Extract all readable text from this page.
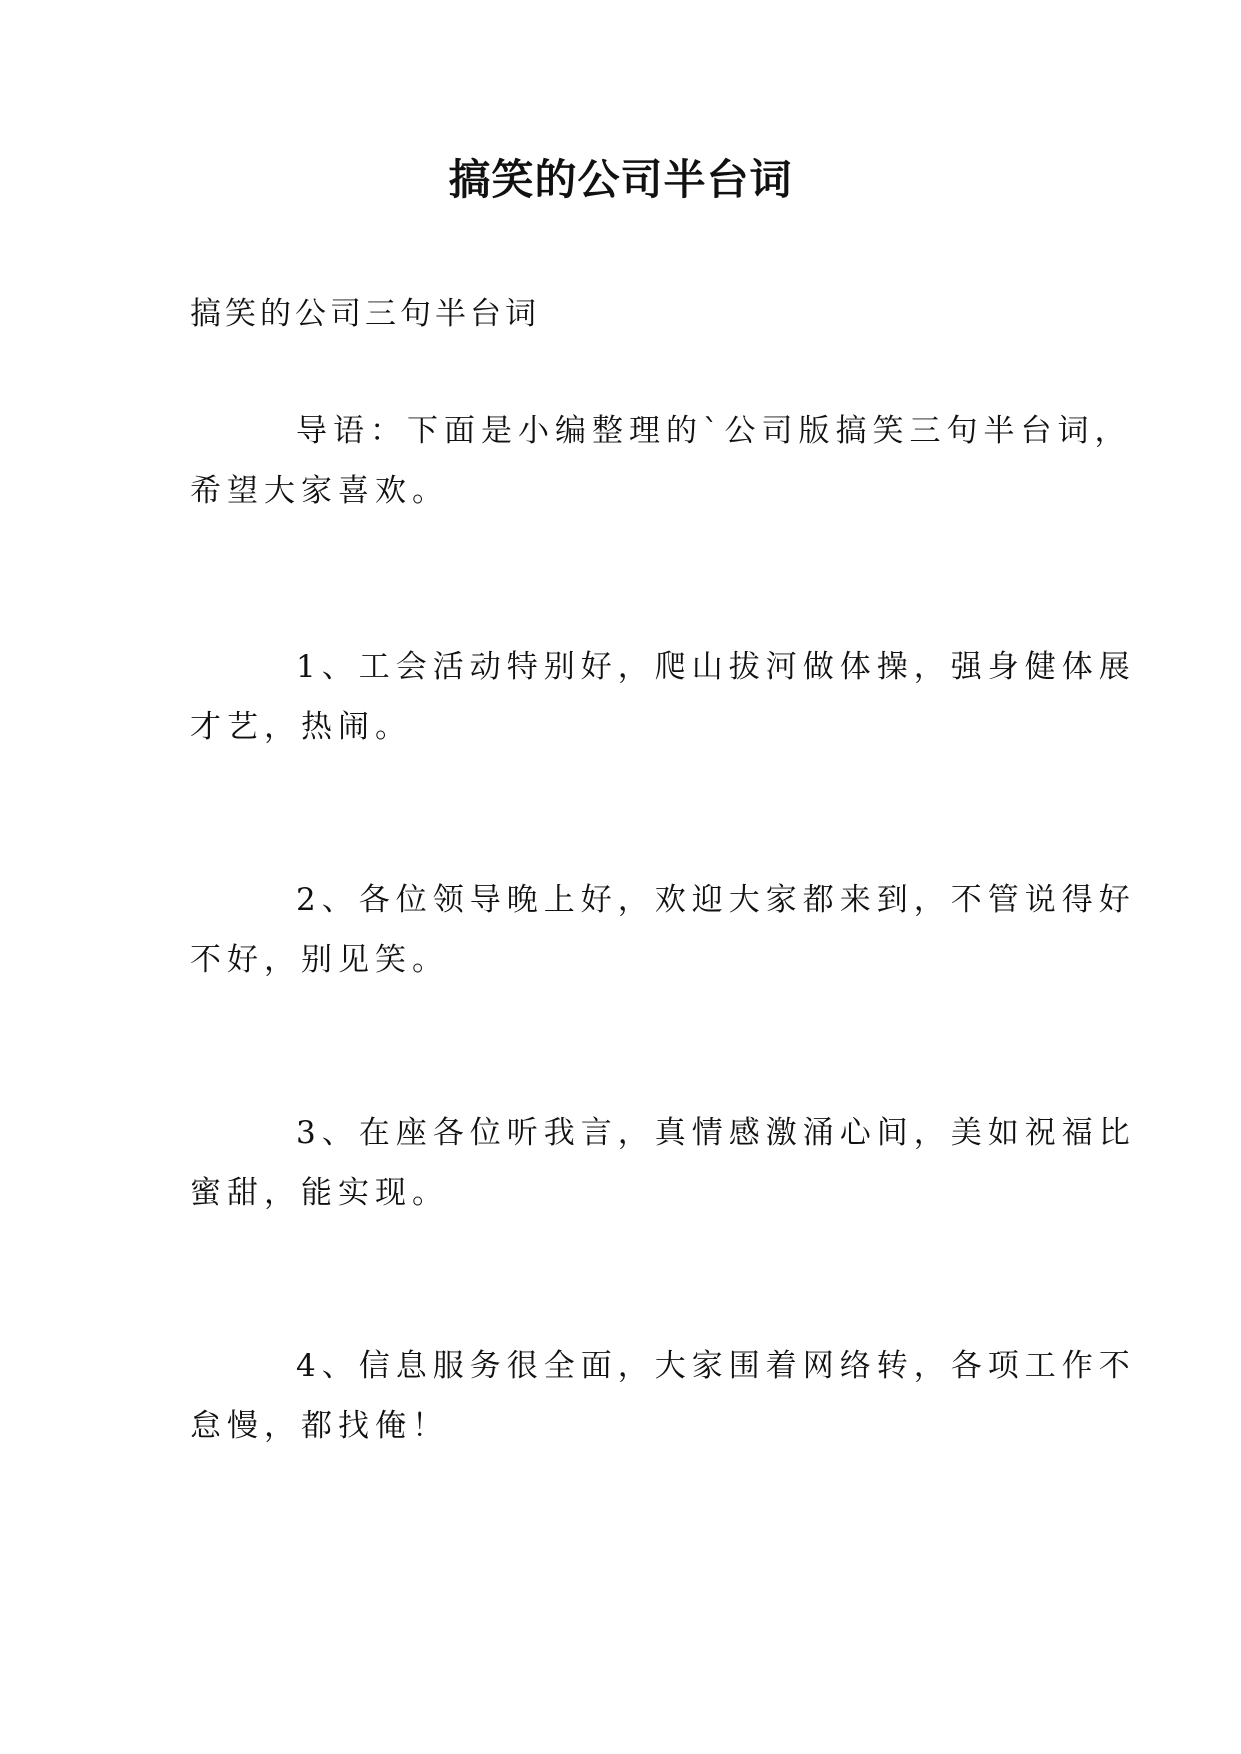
搞笑的公司半台词
搞笑的公司三句半台词
导语：下面是小编整理的`公司版搞笑三句半台词，
希望大家喜欢。
1、工会活动特别好，爬山拔河做体操，强身健体展
才艺，热闹。
2、各位领导晚上好，欢迎大家都来到，不管说得好
不好，别见笑。
3、在座各位听我言，真情感激涌心间，美如祝福比
蜜甜，能实现。
4、信息服务很全面，大家围着网络转，各项工作不
怠慢，都找俺！
